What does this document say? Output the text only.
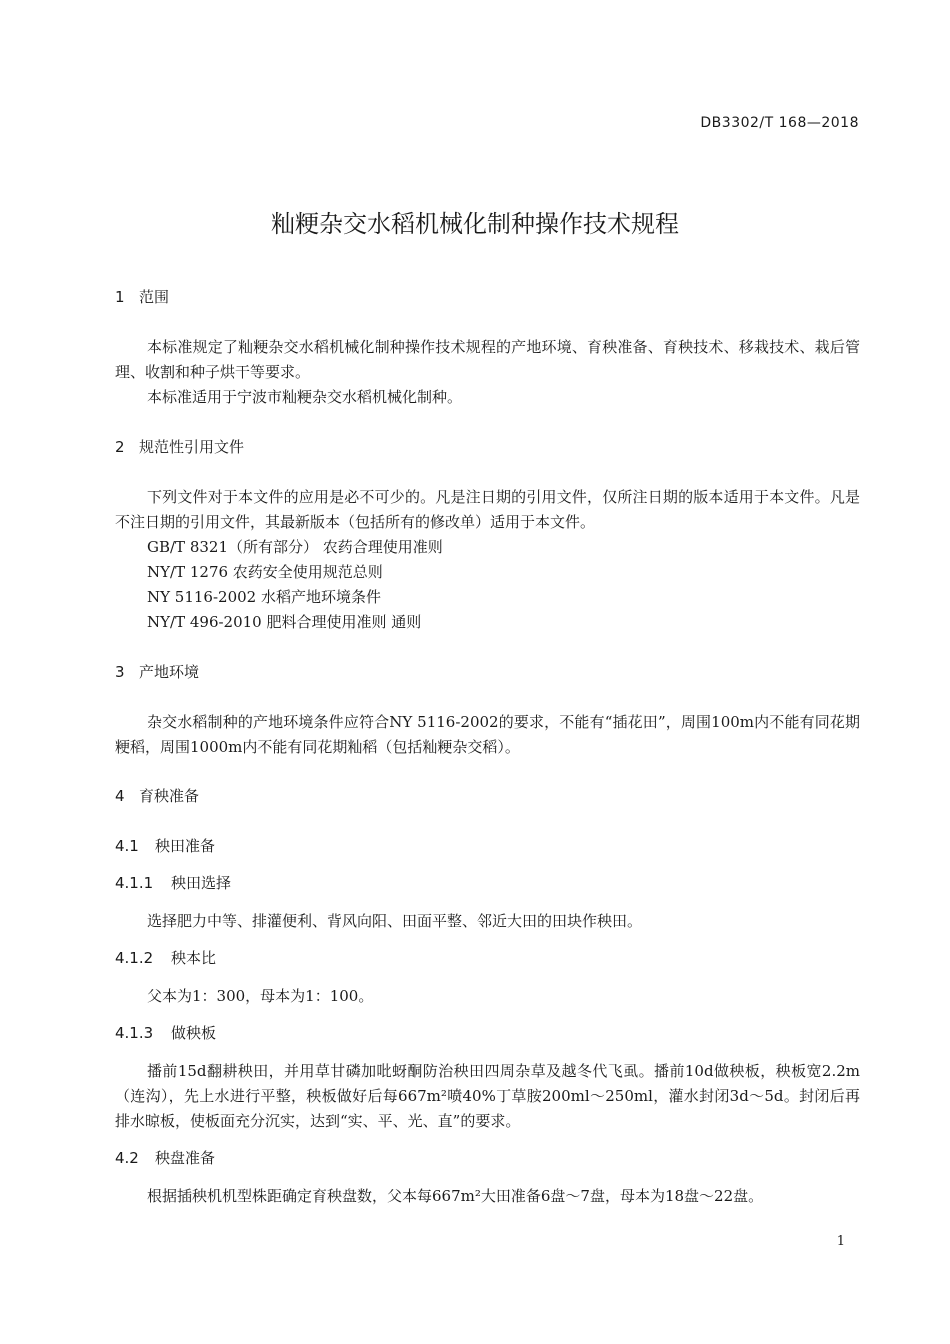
DB3302/T 168—2018
籼粳杂交水稻机械化制种操作技术规程
1 范围
本标准规定了籼粳杂交水稻机械化制种操作技术规程的产地环境、育秧准备、育秧技术、移栽技术、栽后管理、收割和种子烘干等要求。
本标准适用于宁波市籼粳杂交水稻机械化制种。
2 规范性引用文件
下列文件对于本文件的应用是必不可少的。凡是注日期的引用文件，仅所注日期的版本适用于本文件。凡是不注日期的引用文件，其最新版本（包括所有的修改单）适用于本文件。
GB/T 8321（所有部分） 农药合理使用准则
NY/T 1276 农药安全使用规范总则
NY 5116-2002 水稻产地环境条件
NY/T 496-2010 肥料合理使用准则 通则
3 产地环境
杂交水稻制种的产地环境条件应符合NY 5116-2002的要求，不能有“插花田”，周围100m内不能有同花期粳稻，周围1000m内不能有同花期籼稻（包括籼粳杂交稻）。
4 育秧准备
4.1 秧田准备
4.1.1 秧田选择
选择肥力中等、排灌便利、背风向阳、田面平整、邻近大田的田块作秧田。
4.1.2 秧本比
父本为1：300，母本为1：100。
4.1.3 做秧板
播前15d翻耕秧田，并用草甘磷加吡蚜酮防治秧田四周杂草及越冬代飞虱。播前10d做秧板，秧板宽2.2m（连沟），先上水进行平整，秧板做好后每667m²喷40%丁草胺200ml～250ml，灌水封闭3d～5d。封闭后再排水晾板，使板面充分沉实，达到“实、平、光、直”的要求。
4.2 秧盘准备
根据插秧机机型株距确定育秧盘数，父本每667m²大田准备6盘～7盘，母本为18盘～22盘。
1
